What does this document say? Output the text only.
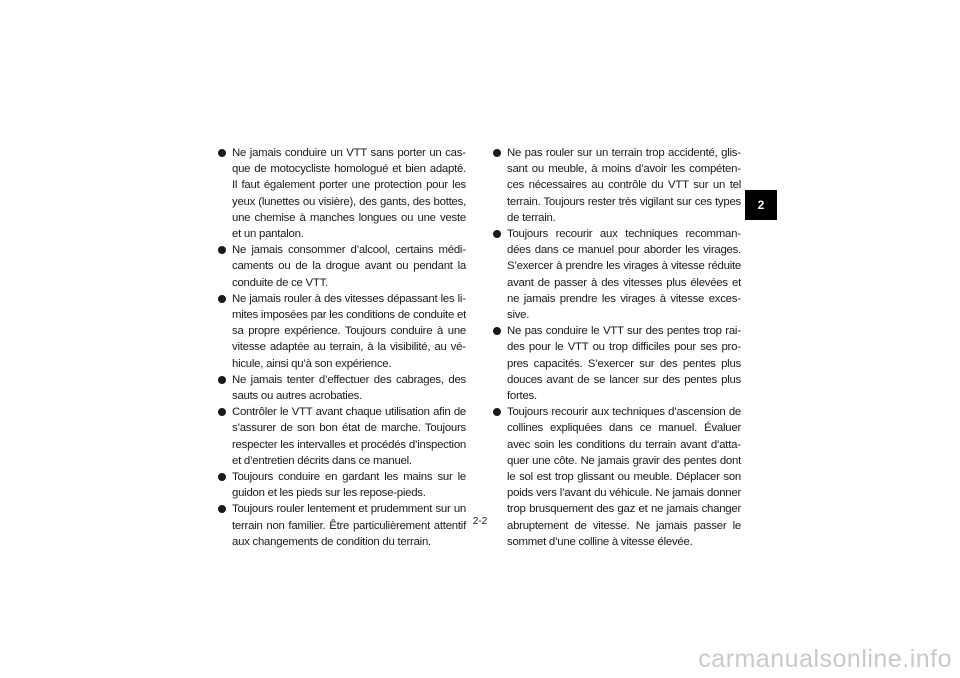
Ne jamais conduire un VTT sans porter un casque de motocycliste homologué et bien adapté. Il faut également porter une protection pour les yeux (lunettes ou visière), des gants, des bottes, une chemise à manches longues ou une veste et un pantalon.
Ne jamais consommer d’alcool, certains médicaments ou de la drogue avant ou pendant la conduite de ce VTT.
Ne jamais rouler à des vitesses dépassant les limites imposées par les conditions de conduite et sa propre expérience. Toujours conduire à une vitesse adaptée au terrain, à la visibilité, au véhicule, ainsi qu’à son expérience.
Ne jamais tenter d’effectuer des cabrages, des sauts ou autres acrobaties.
Contrôler le VTT avant chaque utilisation afin de s’assurer de son bon état de marche. Toujours respecter les intervalles et procédés d’inspection et d’entretien décrits dans ce manuel.
Toujours conduire en gardant les mains sur le guidon et les pieds sur les repose-pieds.
Toujours rouler lentement et prudemment sur un terrain non familier. Être particulièrement attentif aux changements de condition du terrain.
Ne pas rouler sur un terrain trop accidenté, glissant ou meuble, à moins d’avoir les compétences nécessaires au contrôle du VTT sur un tel terrain. Toujours rester très vigilant sur ces types de terrain.
Toujours recourir aux techniques recommandées dans ce manuel pour aborder les virages. S’exercer à prendre les virages à vitesse réduite avant de passer à des vitesses plus élevées et ne jamais prendre les virages à vitesse excessive.
Ne pas conduire le VTT sur des pentes trop raides pour le VTT ou trop difficiles pour ses propres capacités. S’exercer sur des pentes plus douces avant de se lancer sur des pentes plus fortes.
Toujours recourir aux techniques d’ascension de collines expliquées dans ce manuel. Évaluer avec soin les conditions du terrain avant d’attaquer une côte. Ne jamais gravir des pentes dont le sol est trop glissant ou meuble. Déplacer son poids vers l’avant du véhicule. Ne jamais donner trop brusquement des gaz et ne jamais changer abruptement de vitesse. Ne jamais passer le sommet d’une colline à vitesse élevée.
2
2-2
carmanualsonline.info
